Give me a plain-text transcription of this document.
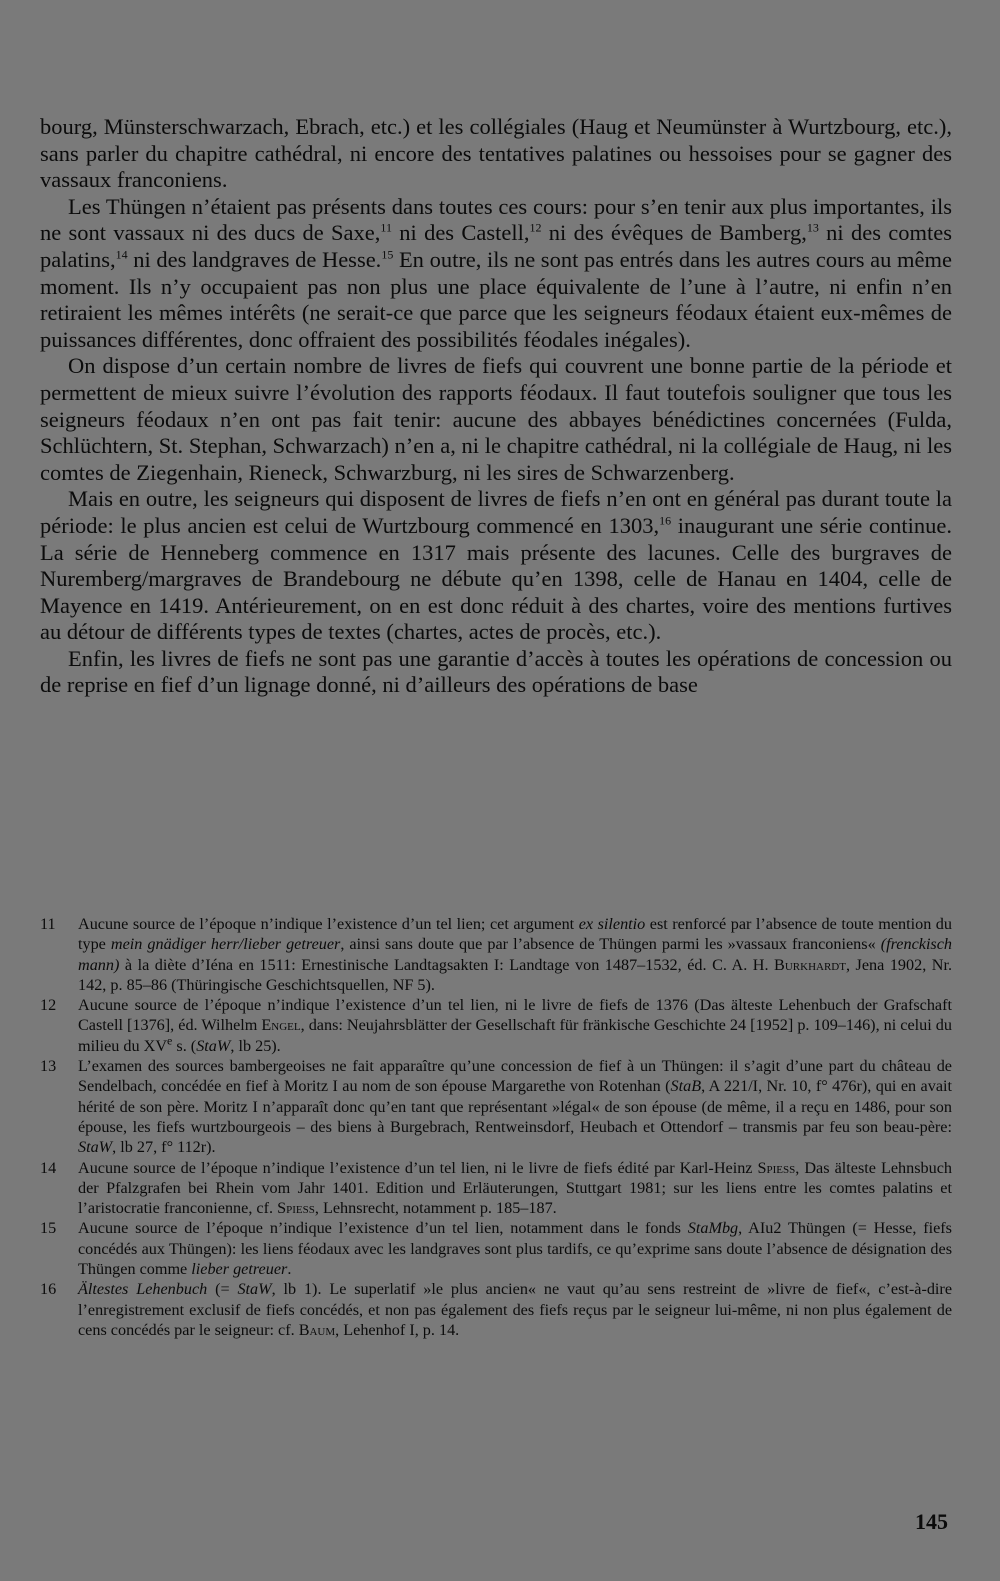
bourg, Münsterschwarzach, Ebrach, etc.) et les collégiales (Haug et Neumünster à Wurtzbourg, etc.), sans parler du chapitre cathédral, ni encore des tentatives palatines ou hessoises pour se gagner des vassaux franconiens.

Les Thüngen n’étaient pas présents dans toutes ces cours: pour s’en tenir aux plus importantes, ils ne sont vassaux ni des ducs de Saxe,$^{11}$ ni des Castell,$^{12}$ ni des évêques de Bamberg,$^{13}$ ni des comtes palatins,$^{14}$ ni des landgraves de Hesse.$^{15}$ En outre, ils ne sont pas entrés dans les autres cours au même moment. Ils n’y occupaient pas non plus une place équivalente de l’une à l’autre, ni enfin n’en retiraient les mêmes intérêts (ne serait-ce que parce que les seigneurs féodaux étaient eux-mêmes de puissances différentes, donc offraient des possibilités féodales inégales).

On dispose d’un certain nombre de livres de fiefs qui couvrent une bonne partie de la période et permettent de mieux suivre l’évolution des rapports féodaux. Il faut toutefois souligner que tous les seigneurs féodaux n’en ont pas fait tenir: aucune des abbayes bénédictines concernées (Fulda, Schlüchtern, St. Stephan, Schwarzach) n’en a, ni le chapitre cathédral, ni la collégiale de Haug, ni les comtes de Ziegenhain, Rieneck, Schwarzburg, ni les sires de Schwarzenberg.

Mais en outre, les seigneurs qui disposent de livres de fiefs n’en ont en général pas durant toute la période: le plus ancien est celui de Wurtzbourg commencé en 1303,16 inaugurant une série continue. La série de Henneberg commence en 1317 mais présente des lacunes. Celle des burgraves de Nuremberg/margraves de Brandebourg ne débute qu’en 1398, celle de Hanau en 1404, celle de Mayence en 1419. Antérieurement, on en est donc réduit à des chartes, voire des mentions furtives au détour de différents types de textes (chartes, actes de procès, etc.).

Enfin, les livres de fiefs ne sont pas une garantie d’accès à toutes les opérations de concession ou de reprise en fief d’un lignage donné, ni d’ailleurs des opérations de base

11	Aucune source de l’époque n’indique l’existence d’un tel lien; cet argument ex silentio est renforcé par l’absence de toute mention du type mein gnädiger herr/lieber getreuer, ainsi sans doute que par l’absence de Thüngen parmi les »vassaux franconiens« (frenckisch mann) à la diète d’Iéna en 1511: Ernestinische Landtagsakten I: Landtage von 1487–1532, éd. C. A. H. Burkhardt, Jena 1902, Nr. 142, p. 85–86 (Thüringische Geschichtsquellen, NF 5).
12	Aucune source de l’époque n’indique l’existence d’un tel lien, ni le livre de fiefs de 1376 (Das älteste Lehenbuch der Grafschaft Castell [1376], éd. Wilhelm Engel, dans: Neujahrsblätter der Gesellschaft für fränkische Geschichte 24 [1952] p. 109–146), ni celui du milieu du XVe s. (StaW, lb 25).
13	L’examen des sources bambergeoises ne fait apparaître qu’une concession de fief à un Thüngen: il s’agit d’une part du château de Sendelbach, concédée en fief à Moritz I au nom de son épouse Margarethe von Rotenhan (StaB, A 221/I, Nr. 10, f° 476r), qui en avait hérité de son père. Moritz I n’apparaît donc qu’en tant que représentant »légal« de son épouse (de même, il a reçu en 1486, pour son épouse, les fiefs wurtzbourgeois – des biens à Burgebrach, Rentweinsdorf, Heubach et Ottendorf – transmis par feu son beau-père: StaW, lb 27, f° 112r).
14	Aucune source de l’époque n’indique l’existence d’un tel lien, ni le livre de fiefs édité par Karl-Heinz Spiess, Das älteste Lehnsbuch der Pfalzgrafen bei Rhein vom Jahr 1401. Edition und Erläuterungen, Stuttgart 1981; sur les liens entre les comtes palatins et l’aristocratie franconienne, cf. Spiess, Lehnsrecht, notamment p. 185–187.
15	Aucune source de l’époque n’indique l’existence d’un tel lien, notamment dans le fonds StaMbg, AIu2 Thüngen (= Hesse, fiefs concédés aux Thüngen): les liens féodaux avec les landgraves sont plus tardifs, ce qu’exprime sans doute l’absence de désignation des Thüngen comme lieber getreuer.
16	Ältestes Lehenbuch (= StaW, lb 1). Le superlatif »le plus ancien« ne vaut qu’au sens restreint de »livre de fief«, c’est-à-dire l’enregistrement exclusif de fiefs concédés, et non pas également des fiefs reçus par le seigneur lui-même, ni non plus également de cens concédés par le seigneur: cf. Baum, Lehenhof I, p. 14.
145
